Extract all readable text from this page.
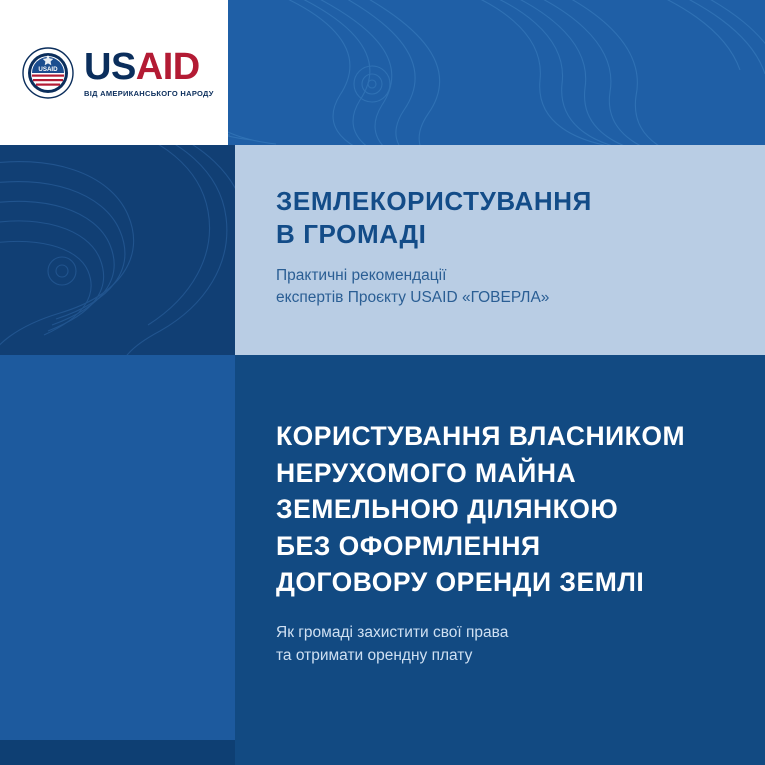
USAID USAID
ВІД АМЕРИКАНСЬКОГО НАРОДУ
ЗЕМЛЕКОРИСТУВАННЯ
В ГРОМАДІ
Практичні рекомендації
експертів Проєкту USAID «ГОВЕРЛА»
КОРИСТУВАННЯ ВЛАСНИКОМ
НЕРУХОМОГО МАЙНА
ЗЕМЕЛЬНОЮ ДІЛЯНКОЮ
БЕЗ ОФОРМЛЕННЯ
ДОГОВОРУ ОРЕНДИ ЗЕМЛІ
Як громаді захистити свої права
та отримати орендну плату
